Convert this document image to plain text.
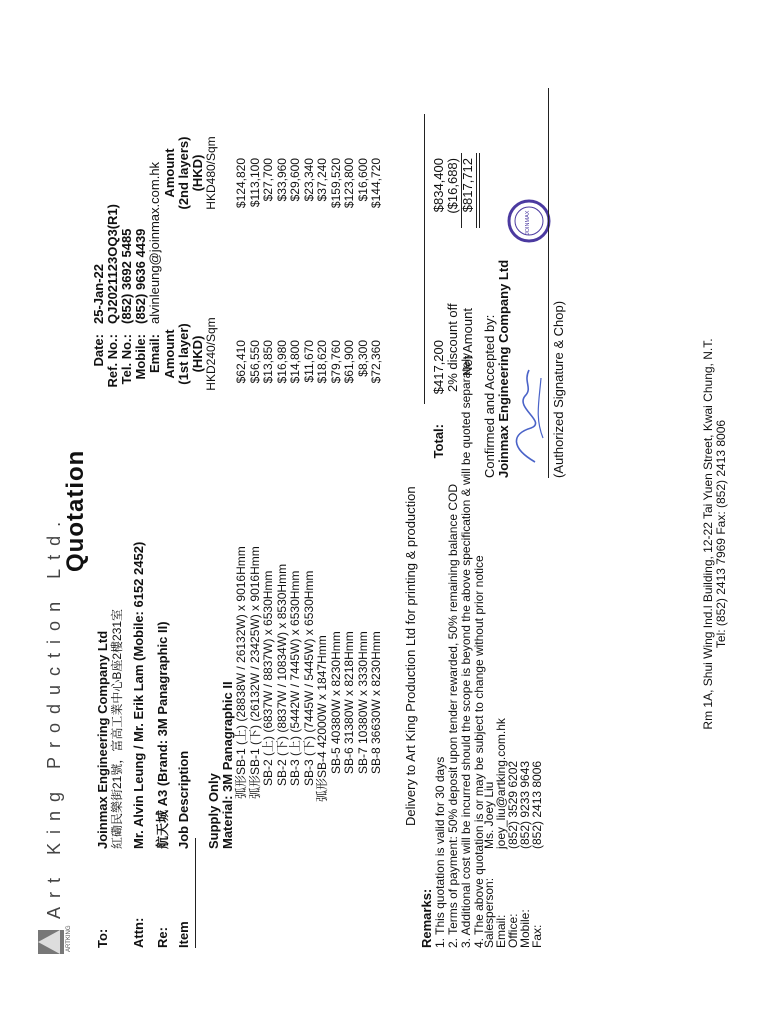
ARTKING
Art King Production Ltd.
Quotation
To:
Joinmax Engineering Company Ltd 紅磡民樂街21號，富高工業中心B座2樓231室
Attn:
Mr. Alvin Leung / Mr. Erik Lam (Mobile: 6152 2452)
Re:
航天城 A3 (Brand: 3M Panagraphic II)
Date:
25-Jan-22
Ref. No.:
QJ2021123OQ3(R1)
Tel. No.:
(852) 3692 5485
Mobile:
(852) 9636 4439
Email:
alvinleung@joinmax.com.hk
Item
Job Description
Amount (1st layer) (HKD) HKD240/Sqm
Amount (2nd layers) (HKD) HKD480/Sqm
Supply Only Material: 3M Panagraphic II 弧形SB-1 (上) (28838W / 26132W) x 9016Hmm
$62,410
$124,820
弧形SB-1 (下) (26132W / 23425W) x 9016Hmm
$56,550
$113,100
SB-2 (上) (6837W / 8837W) x 6530Hmm
$13,850
$27,700
SB-2 (下) (8837W / 10834W) x 8530Hmm
$16,980
$33,960
SB-3 (上) (5442W / 7445W) x 6530Hmm
$14,800
$29,600
SB-3 (下) (7445W / 5445W) x 6530Hmm
$11,670
$23,340
弧形SB-4 42000W x 1847Hmm
$18,620
$37,240
SB-5 40380W x 8230Hmm
$79,760
$159,520
SB-6 31380W x 8218Hmm
$61,900
$123,800
SB-7 10380W x 3330Hmm
$8,300
$16,600
SB-8 36630W x 8230Hmm
$72,360
$144,720
Delivery to Art King Production Ltd for printing & production
Total:
$417,200
$834,400
2% discount off
($16,688)
Net Amount
$817,712
Remarks: 1. This quotation is valid for 30 days 2. Terms of payment: 50% deposit upon tender rewarded, 50% remaining balance COD 3. Additional cost will be incurred should the scope is beyond the above specification & will be quoted separately 4. The above quotation is or may be subject to change without prior notice
Salesperson:
Ms. Joey Liu
Email:
joey_liu@artking.com.hk
Office:
(852) 3529 6202
Mobile:
(852) 9233 9643
Fax:
(852) 2413 8006
Confirmed and Accepted by: Joinmax Engineering Company Ltd
JOINMAX
(Authorized Signature & Chop)	Rm 1A, Shui Wing Ind.l Building, 12-22 Tai Yuen Street, Kwai Chung, N.T. Tel: (852) 2413 7969 Fax: (852) 2413 8006
